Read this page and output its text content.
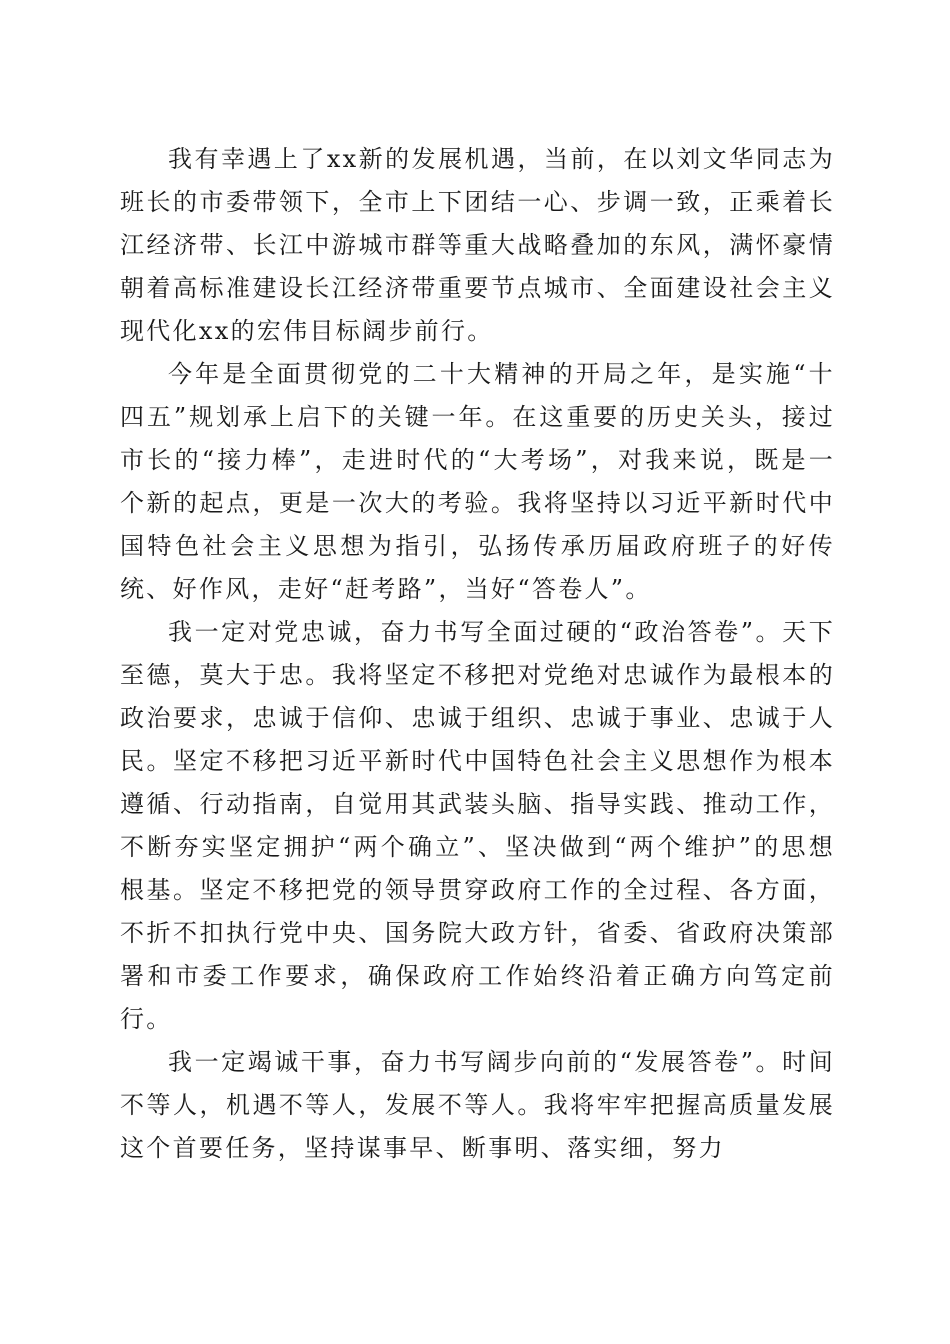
我有幸遇上了xx新的发展机遇，当前，在以刘文华同志为班长的市委带领下，全市上下团结一心、步调一致，正乘着长江经济带、长江中游城市群等重大战略叠加的东风，满怀豪情朝着高标准建设长江经济带重要节点城市、全面建设社会主义现代化xx的宏伟目标阔步前行。

今年是全面贯彻党的二十大精神的开局之年，是实施“十四五”规划承上启下的关键一年。在这重要的历史关头，接过市长的“接力棒”，走进时代的“大考场”，对我来说，既是一个新的起点，更是一次大的考验。我将坚持以习近平新时代中国特色社会主义思想为指引，弘扬传承历届政府班子的好传统、好作风，走好“赶考路”，当好“答卷人”。

我一定对党忠诚，奋力书写全面过硬的“政治答卷”。天下至德，莫大于忠。我将坚定不移把对党绝对忠诚作为最根本的政治要求，忠诚于信仰、忠诚于组织、忠诚于事业、忠诚于人民。坚定不移把习近平新时代中国特色社会主义思想作为根本遵循、行动指南，自觉用其武装头脑、指导实践、推动工作，不断夯实坚定拥护“两个确立”、坚决做到“两个维护”的思想根基。坚定不移把党的领导贯穿政府工作的全过程、各方面，不折不扣执行党中央、国务院大政方针，省委、省政府决策部署和市委工作要求，确保政府工作始终沿着正确方向笃定前行。

我一定竭诚干事，奋力书写阔步向前的“发展答卷”。时间不等人，机遇不等人，发展不等人。我将牢牢把握高质量发展这个首要任务，坚持谋事早、断事明、落实细，努力
